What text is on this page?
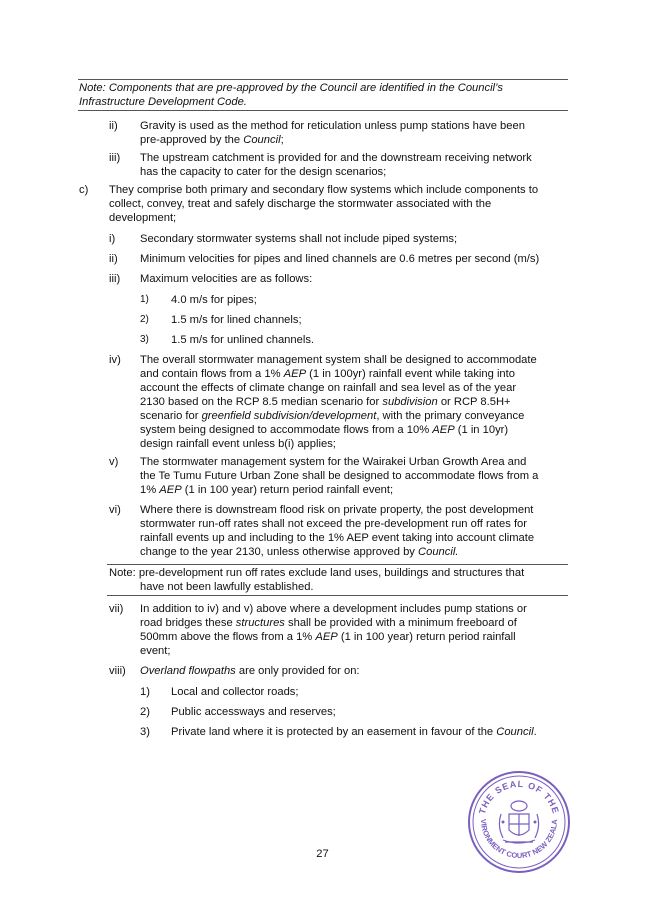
Note: Components that are pre-approved by the Council are identified in the Council’s
Infrastructure Development Code.
ii) Gravity is used as the method for reticulation unless pump stations have been
pre-approved by the Council;
iii) The upstream catchment is provided for and the downstream receiving network
has the capacity to cater for the design scenarios;
c) They comprise both primary and secondary flow systems which include components to
collect, convey, treat and safely discharge the stormwater associated with the
development;
i) Secondary stormwater systems shall not include piped systems;
ii) Minimum velocities for pipes and lined channels are 0.6 metres per second (m/s)
iii) Maximum velocities are as follows:
1) 4.0 m/s for pipes;
2) 1.5 m/s for lined channels;
3) 1.5 m/s for unlined channels.
iv) The overall stormwater management system shall be designed to accommodate
and contain flows from a 1% AEP (1 in 100yr) rainfall event while taking into
account the effects of climate change on rainfall and sea level as of the year
2130 based on the RCP 8.5 median scenario for subdivision or RCP 8.5H+
scenario for greenfield subdivision/development, with the primary conveyance
system being designed to accommodate flows from a 10% AEP (1 in 10yr)
design rainfall event unless b(i) applies;
v) The stormwater management system for the Wairakei Urban Growth Area and
the Te Tumu Future Urban Zone shall be designed to accommodate flows from a
1% AEP (1 in 100 year) return period rainfall event;
vi) Where there is downstream flood risk on private property, the post development
stormwater run-off rates shall not exceed the pre-development run off rates for
rainfall events up and including to the 1% AEP event taking into account climate
change to the year 2130, unless otherwise approved by Council.
Note: pre-development run off rates exclude land uses, buildings and structures that
have not been lawfully established.
vii) In addition to iv) and v) above where a development includes pump stations or
road bridges these structures shall be provided with a minimum freeboard of
500mm above the flows from a 1% AEP (1 in 100 year) return period rainfall
event;
viii) Overland flowpaths are only provided for on:
1) Local and collector roads;
2) Public accessways and reserves;
3) Private land where it is protected by an easement in favour of the Council.
THE SEAL OF THE
VIRONMENT COURT NEW ZEALA
27
